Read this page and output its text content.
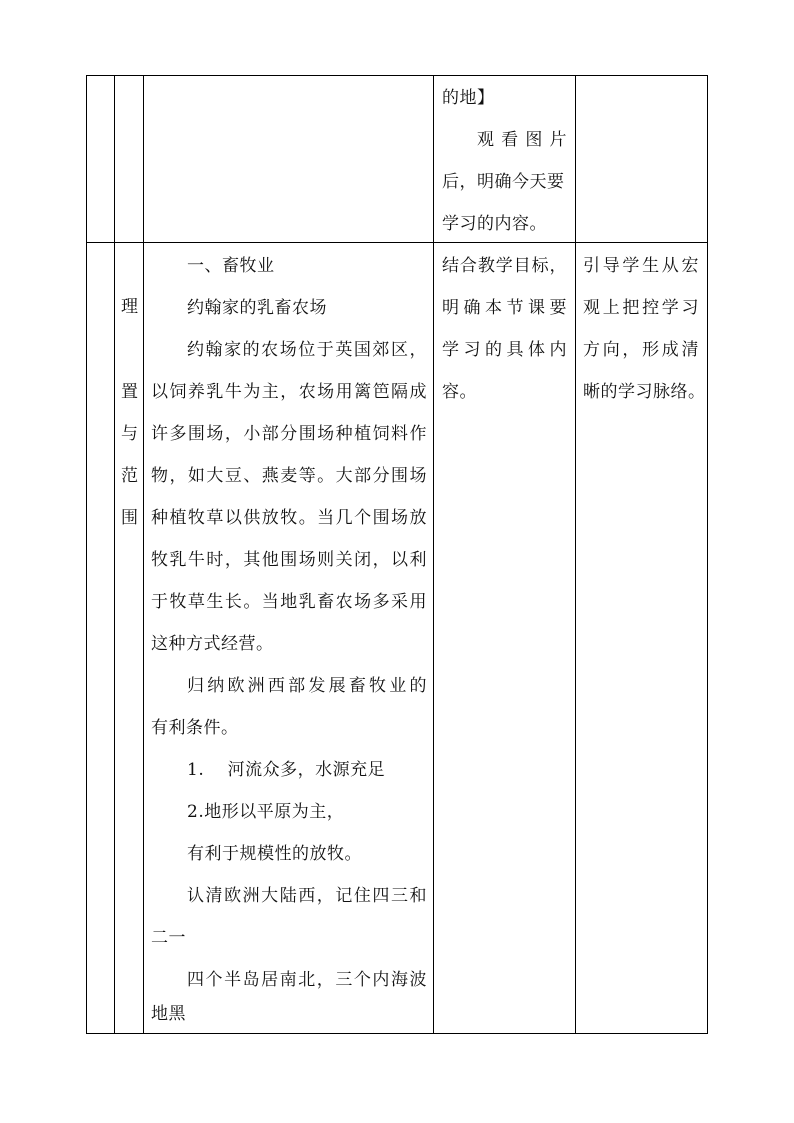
的地】
观看图片
后，明确今天要
学习的内容。
理
置
与
范
围
一、畜牧业
约翰家的乳畜农场
约翰家的农场位于英国郊区，
以饲养乳牛为主，农场用篱笆隔成
许多围场，小部分围场种植饲料作
物，如大豆、燕麦等。大部分围场
种植牧草以供放牧。当几个围场放
牧乳牛时，其他围场则关闭，以利
于牧草生长。当地乳畜农场多采用
这种方式经营。
归纳欧洲西部发展畜牧业的
有利条件。
1.　 河流众多，水源充足
2.地形以平原为主，
有利于规模性的放牧。
认清欧洲大陆西，记住四三和
二一
四个半岛居南北，三个内海波
地黑
结合教学目标，
明确本节课要
学习的具体内
容。
引导学生从宏
观上把控学习
方向，形成清
晰的学习脉络。
